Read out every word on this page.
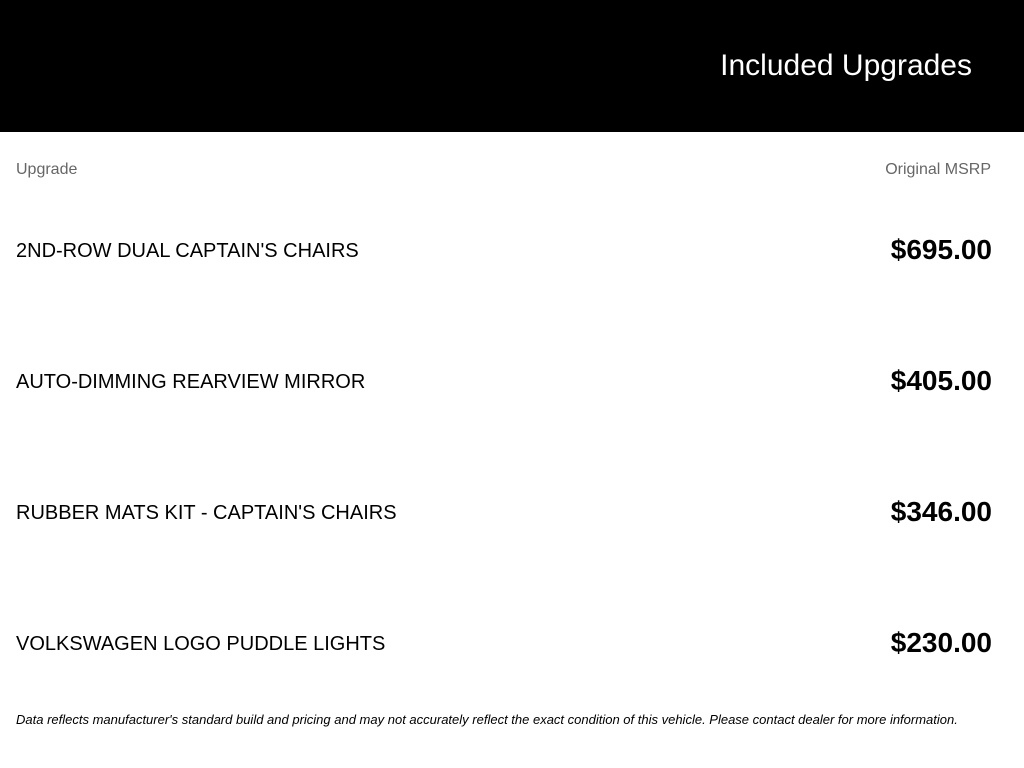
Included Upgrades
Upgrade	Original MSRP
2ND-ROW DUAL CAPTAIN'S CHAIRS	$695.00
AUTO-DIMMING REARVIEW MIRROR	$405.00
RUBBER MATS KIT - CAPTAIN'S CHAIRS	$346.00
VOLKSWAGEN LOGO PUDDLE LIGHTS	$230.00

Data reflects manufacturer's standard build and pricing and may not accurately reflect the exact condition of this vehicle. Please contact dealer for more information.
